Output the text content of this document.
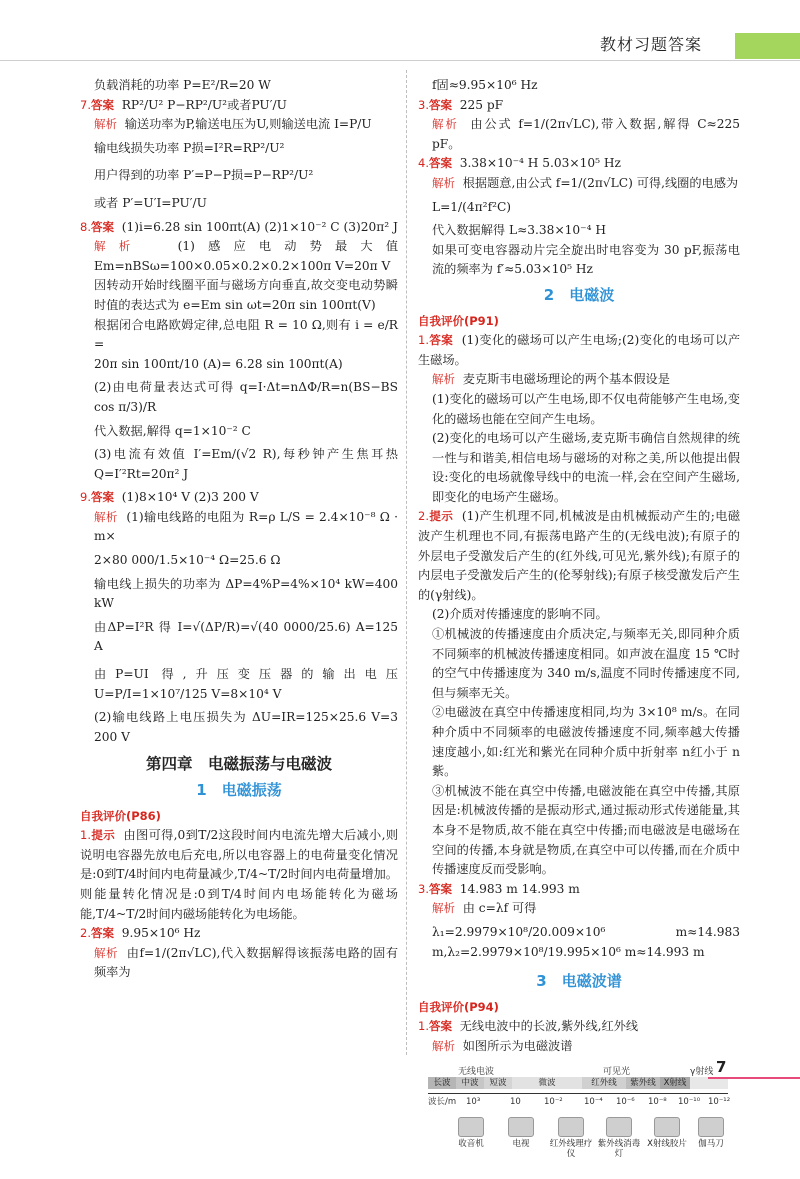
教材习题答案

负载消耗的功率 P=E²/R=20 W

7.答案 RP²/U² P−RP²/U²或者PU′/U

解析 输送功率为P,输送电压为U,则输送电流 I=P/U

输电线损失功率 P损=I²R=RP²/U²

用户得到的功率 P′=P−P损=P−RP²/U²

或者 P′=U′I=PU′/U

8.答案 (1)i=6.28 sin 100πt(A) (2)1×10⁻² C (3)20π² J

解析	(1)感应电动势最大值 Em=nBSω=100×0.05×0.2×0.2×100π V=20π V

因转动开始时线圈平面与磁场方向垂直,故交变电动势瞬时值的表达式为 e=Em sin ωt=20π sin 100πt(V)

根据闭合电路欧姆定律,总电阻 R = 10 Ω,则有 i = e/R =

20π sin 100πt/10 (A)= 6.28 sin 100πt(A)

(2)由电荷量表达式可得 q=I·Δt=nΔΦ/R=n(BS−BS cos π/3)/R

代入数据,解得 q=1×10⁻² C

(3)电流有效值 I′=Em/(√2 R),每秒钟产生焦耳热 Q=I′²Rt=20π² J

9.答案 (1)8×10⁴ V (2)3 200 V

解析 (1)输电线路的电阻为 R=ρ L/S = 2.4×10⁻⁸ Ω · m×

2×80 000/1.5×10⁻⁴ Ω=25.6 Ω

输电线上损失的功率为 ΔP=4%P=4%×10⁴ kW=400 kW

由ΔP=I²R 得 I=√(ΔP/R)=√(40 0000/25.6) A=125 A

由P=UI 得,升压变压器的输出电压 U=P/I=1×10⁷/125 V=8×10⁴ V

(2)输电线路上电压损失为 ΔU=IR=125×25.6 V=3 200 V

第四章　电磁振荡与电磁波

1　电磁振荡

自我评价(P86)

1.提示 由图可得,0到T/2这段时间内电流先增大后减小,则说明电容器先放电后充电,所以电容器上的电荷量变化情况是:0到T/4时间内电荷量减少,T/4~T/2时间内电荷量增加。则能量转化情况是:0到T/4时间内电场能转化为磁场能,T/4~T/2时间内磁场能转化为电场能。

2.答案 9.95×10⁶ Hz

解析 由f=1/(2π√LC),代入数据解得该振荡电路的固有频率为

f固≈9.95×10⁶ Hz

3.答案 225 pF

解析 由公式 f=1/(2π√LC),带入数据,解得 C≈225 pF。

4.答案 3.38×10⁻⁴ H 5.03×10⁵ Hz

解析 根据题意,由公式 f=1/(2π√LC) 可得,线圈的电感为

L=1/(4π²f²C)

代入数据解得 L≈3.38×10⁻⁴ H

如果可变电容器动片完全旋出时电容变为 30 pF,振荡电流的频率为 f′≈5.03×10⁵ Hz

2　电磁波

自我评价(P91)

1.答案 (1)变化的磁场可以产生电场;(2)变化的电场可以产生磁场。

解析 麦克斯韦电磁场理论的两个基本假设是

(1)变化的磁场可以产生电场,即不仅电荷能够产生电场,变化的磁场也能在空间产生电场。

(2)变化的电场可以产生磁场,麦克斯韦确信自然规律的统一性与和谐美,相信电场与磁场的对称之美,所以他提出假设:变化的电场就像导线中的电流一样,会在空间产生磁场,即变化的电场产生磁场。

2.提示 (1)产生机理不同,机械波是由机械振动产生的;电磁波产生机理也不同,有振荡电路产生的(无线电波);有原子的外层电子受激发后产生的(红外线,可见光,紫外线);有原子的内层电子受激发后产生的(伦琴射线);有原子核受激发后产生的(γ射线)。

(2)介质对传播速度的影响不同。

①机械波的传播速度由介质决定,与频率无关,即同种介质不同频率的机械波传播速度相同。如声波在温度 15 ℃时的空气中传播速度为 340 m/s,温度不同时传播速度不同,但与频率无关。

②电磁波在真空中传播速度相同,均为 3×10⁸ m/s。在同种介质中不同频率的电磁波传播速度不同,频率越大传播速度越小,如:红光和紫光在同种介质中折射率 n红小于 n紫。

③机械波不能在真空中传播,电磁波能在真空中传播,其原因是:机械波传播的是振动形式,通过振动形式传递能量,其本身不是物质,故不能在真空中传播;而电磁波是电磁场在空间的传播,本身就是物质,在真空中可以传播,而在介质中传播速度反而受影响。

3.答案 14.983 m 14.993 m

解析 由 c=λf 可得

λ₁=2.9979×10⁸/20.009×10⁶ m≈14.983 m,λ₂=2.9979×10⁸/19.995×10⁶ m≈14.993 m

3　电磁波谱

自我评价(P94)

1.答案 无线电波中的长波,紫外线,红外线

解析 如图所示为电磁波谱

无线电波	可见光	γ射线
长波	中波	短波	微波	红外线	紫外线 X射线
波长/m 10³	10	10⁻²	10⁻⁴ 10⁻⁶ 10⁻⁸ 10⁻¹⁰ 10⁻¹²
收音机	电视	红外线理疗仪
紫外线消毒灯
X射线胶片	伽马刀
7
